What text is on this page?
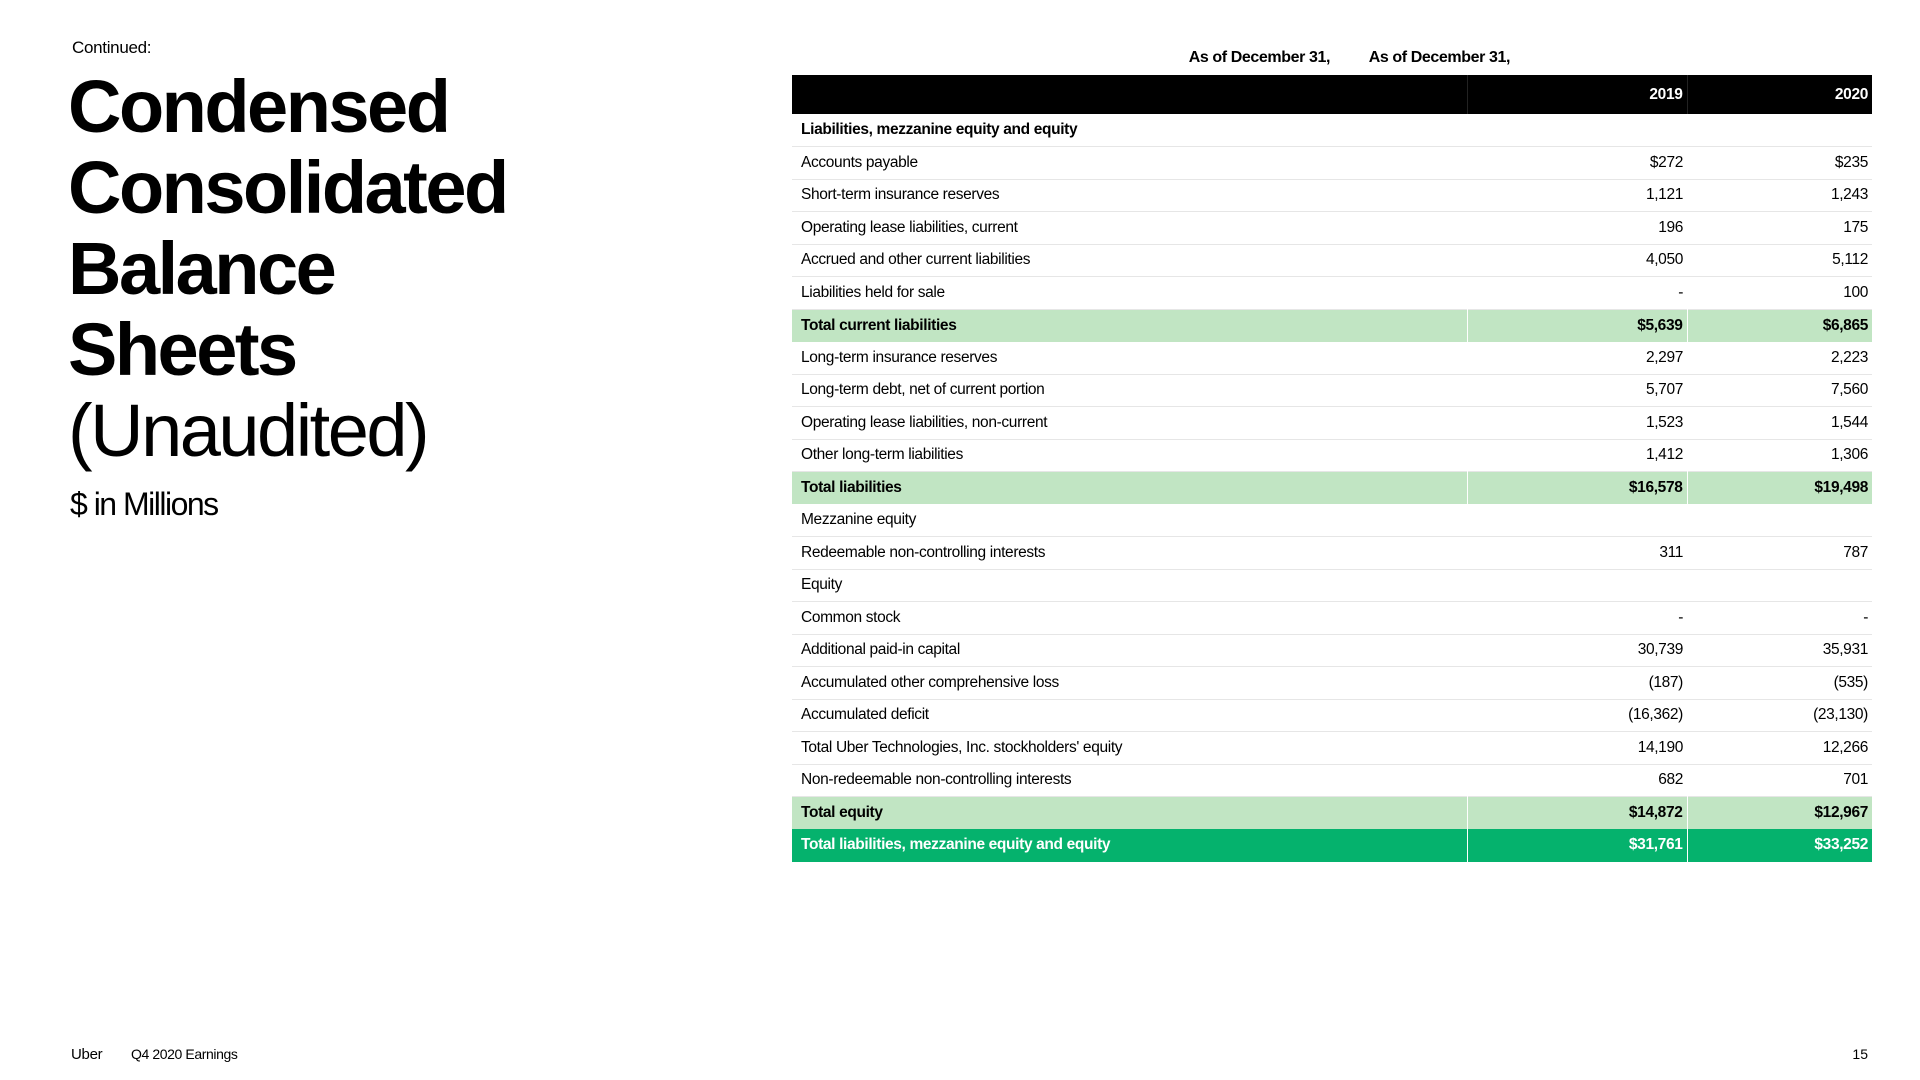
Continued:
Condensed
Consolidated
Balance
Sheets
(Unaudited)
$ in Millions
As of December 31, As of December 31,
	2019	2020
Liabilities, mezzanine equity and equity		
Accounts payable	$272	$235
Short-term insurance reserves	1,121	1,243
Operating lease liabilities, current	196	175
Accrued and other current liabilities	4,050	5,112
Liabilities held for sale	-	100
Total current liabilities	$5,639	$6,865
Long-term insurance reserves	2,297	2,223
Long-term debt, net of current portion	5,707	7,560
Operating lease liabilities, non-current	1,523	1,544
Other long-term liabilities	1,412	1,306
Total liabilities	$16,578	$19,498
Mezzanine equity		
Redeemable non-controlling interests	311	787
Equity		
Common stock	-	-
Additional paid-in capital	30,739	35,931
Accumulated other comprehensive loss	(187)	(535)
Accumulated deficit	(16,362)	(23,130)
Total Uber Technologies, Inc. stockholders' equity	14,190	12,266
Non-redeemable non-controlling interests	682	701
Total equity	$14,872	$12,967
Total liabilities, mezzanine equity and equity	$31,761	$33,252
Uber Q4 2020 Earnings	15
